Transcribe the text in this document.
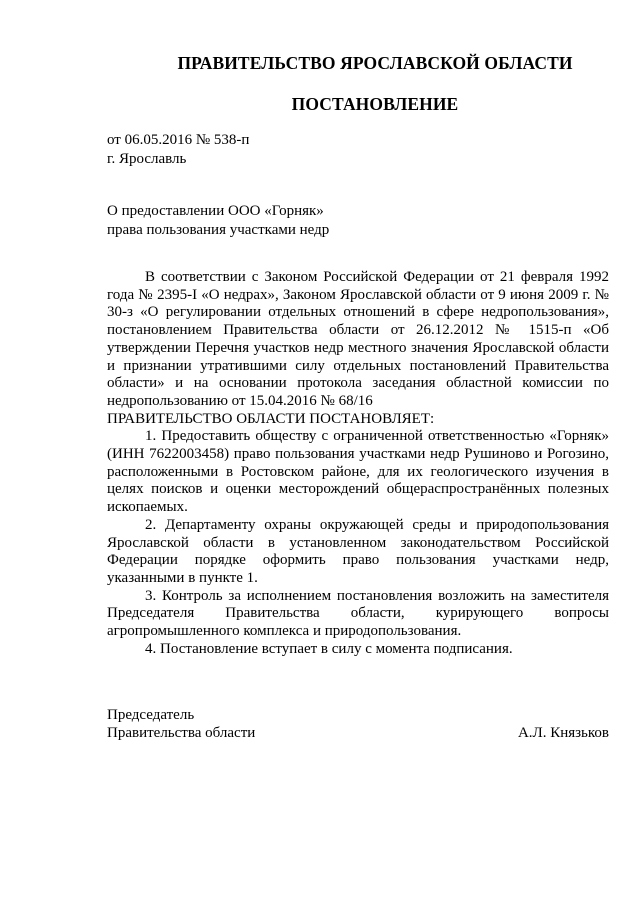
ПРАВИТЕЛЬСТВО ЯРОСЛАВСКОЙ ОБЛАСТИ
ПОСТАНОВЛЕНИЕ
от 06.05.2016 № 538-п
г. Ярославль
О предоставлении ООО «Горняк»
права пользования участками недр

В соответствии с Законом Российской Федерации от 21 февраля 1992 года № 2395-I «О недрах», Законом Ярославской области от 9 июня 2009 г. № 30-з «О регулировании отдельных отношений в сфере недропользования», постановлением Правительства области от 26.12.2012 № 1515-п «Об утверждении Перечня участков недр местного значения Ярославской области и признании утратившими силу отдельных постановлений Правительства области» и на основании протокола заседания областной комиссии по недропользованию от 15.04.2016 № 68/16

ПРАВИТЕЛЬСТВО ОБЛАСТИ ПОСТАНОВЛЯЕТ:

1. Предоставить обществу с ограниченной ответственностью «Горняк» (ИНН 7622003458) право пользования участками недр Рушиново и Рогозино, расположенными в Ростовском районе, для их геологического изучения в целях поисков и оценки месторождений общераспространённых полезных ископаемых.

2. Департаменту охраны окружающей среды и природопользования Ярославской области в установленном законодательством Российской Федерации порядке оформить право пользования участками недр, указанными в пункте 1.

3. Контроль за исполнением постановления возложить на заместителя Председателя Правительства области, курирующего вопросы агропромышленного комплекса и природопользования.

4. Постановление вступает в силу с момента подписания.

Председатель
Правительства области	А.Л. Князьков
